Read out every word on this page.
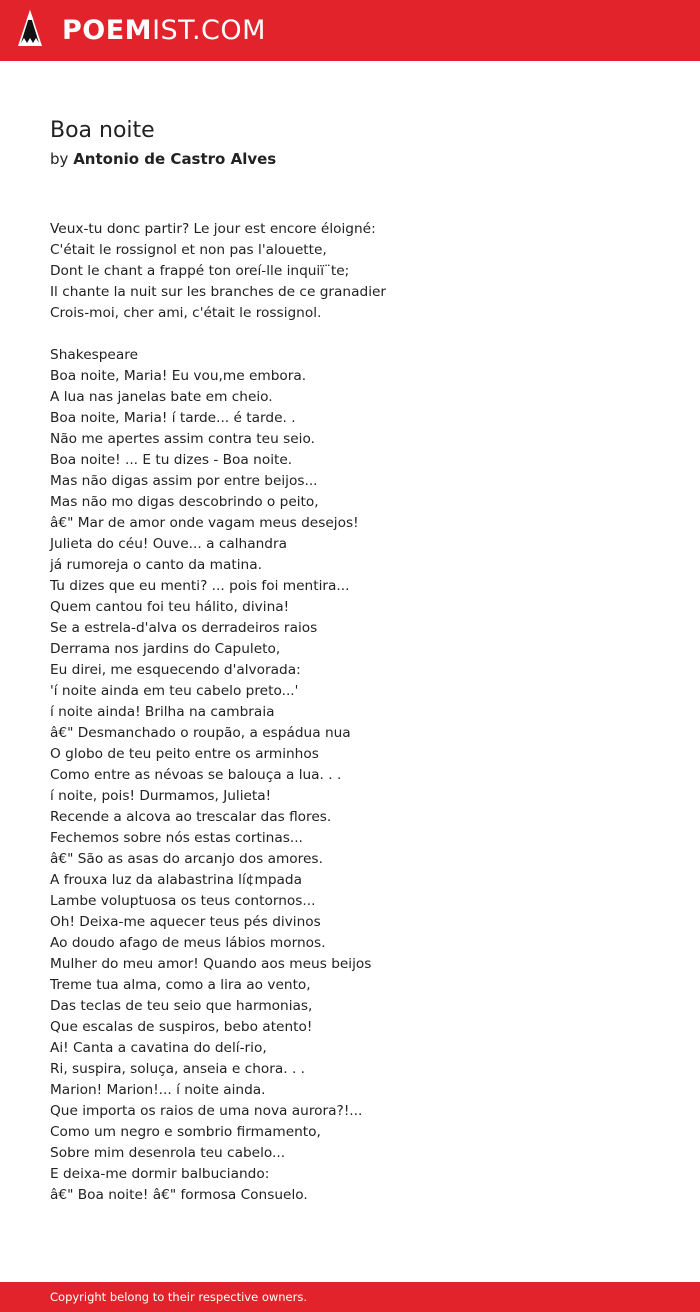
POEMIST.COM
Boa noite
by Antonio de Castro Alves
Veux-tu donc partir? Le jour est encore éloigné:
C'était le rossignol et non pas l'alouette,
Dont le chant a frappé ton oreí-lle inquiï¨te;
Il chante la nuit sur les branches de ce granadier
Crois-moi, cher ami, c'était le rossignol.
Shakespeare
Boa noite, Maria! Eu vou,me embora.
A lua nas janelas bate em cheio.
Boa noite, Maria! í tarde... é tarde. .
Não me apertes assim contra teu seio.
Boa noite! ... E tu dizes - Boa noite.
Mas não digas assim por entre beijos...
Mas não mo digas descobrindo o peito,
â€" Mar de amor onde vagam meus desejos!
Julieta do céu! Ouve... a calhandra
já rumoreja o canto da matina.
Tu dizes que eu menti? ... pois foi mentira...
Quem cantou foi teu hálito, divina!
Se a estrela-d'alva os derradeiros raios
Derrama nos jardins do Capuleto,
Eu direi, me esquecendo d'alvorada:
'í noite ainda em teu cabelo preto...'
í noite ainda! Brilha na cambraia
â€" Desmanchado o roupão, a espádua nua
O globo de teu peito entre os arminhos
Como entre as névoas se balouça a lua. . .
í noite, pois! Durmamos, Julieta!
Recende a alcova ao trescalar das flores.
Fechemos sobre nós estas cortinas...
â€" São as asas do arcanjo dos amores.
A frouxa luz da alabastrina lí¢mpada
Lambe voluptuosa os teus contornos...
Oh! Deixa-me aquecer teus pés divinos
Ao doudo afago de meus lábios mornos.
Mulher do meu amor! Quando aos meus beijos
Treme tua alma, como a lira ao vento,
Das teclas de teu seio que harmonias,
Que escalas de suspiros, bebo atento!
Ai! Canta a cavatina do delí-rio,
Ri, suspira, soluça, anseia e chora. . .
Marion! Marion!... í noite ainda.
Que importa os raios de uma nova aurora?!...
Como um negro e sombrio firmamento,
Sobre mim desenrola teu cabelo...
E deixa-me dormir balbuciando:
â€" Boa noite! â€" formosa Consuelo.
Copyright belong to their respective owners.
